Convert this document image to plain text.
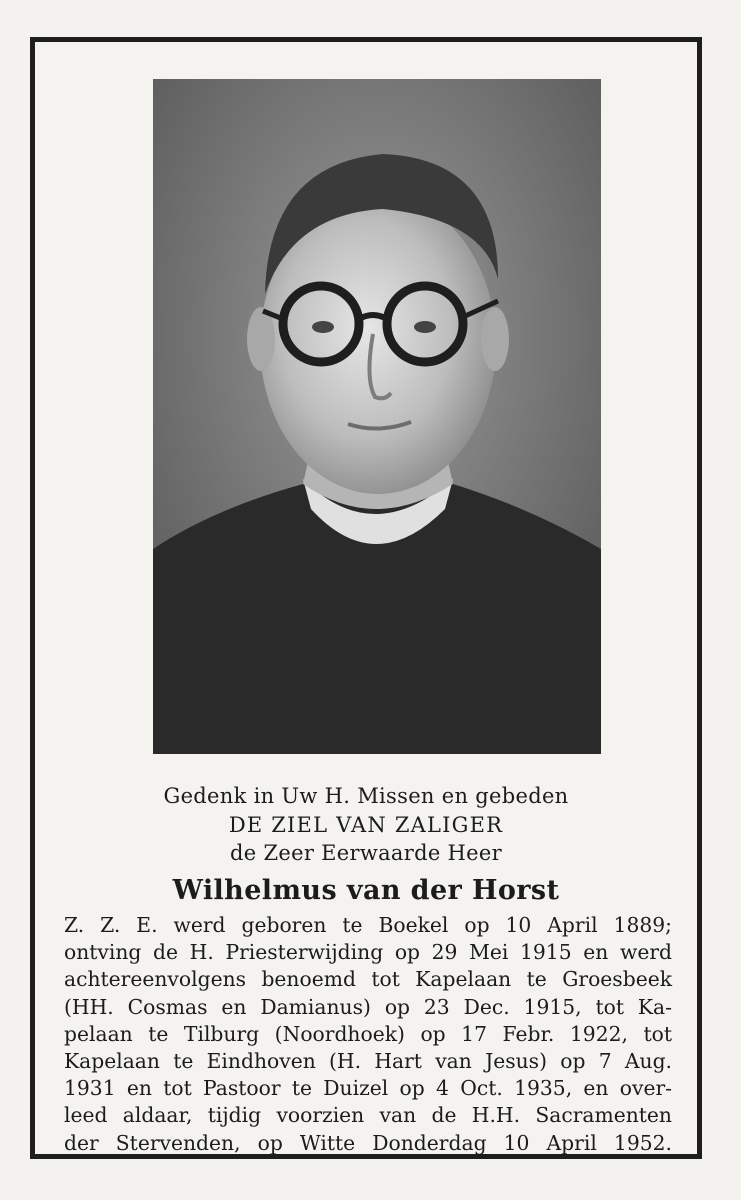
Gedenk in Uw H. Missen en gebeden
DE ZIEL VAN ZALIGER
de Zeer Eerwaarde Heer
Wilhelmus van der Horst
Z. Z. E. werd geboren te Boekel op 10 April 1889;
ontving de H. Priesterwijding op 29 Mei 1915 en werd
achtereenvolgens benoemd tot Kapelaan te Groesbeek
(HH. Cosmas en Damianus) op 23 Dec. 1915, tot Ka-
pelaan te Tilburg (Noordhoek) op 17 Febr. 1922, tot
Kapelaan te Eindhoven (H. Hart van Jesus) op 7 Aug.
1931 en tot Pastoor te Duizel op 4 Oct. 1935, en over-
leed aldaar, tijdig voorzien van de H.H. Sacramenten
der Stervenden, op Witte Donderdag 10 April 1952.
